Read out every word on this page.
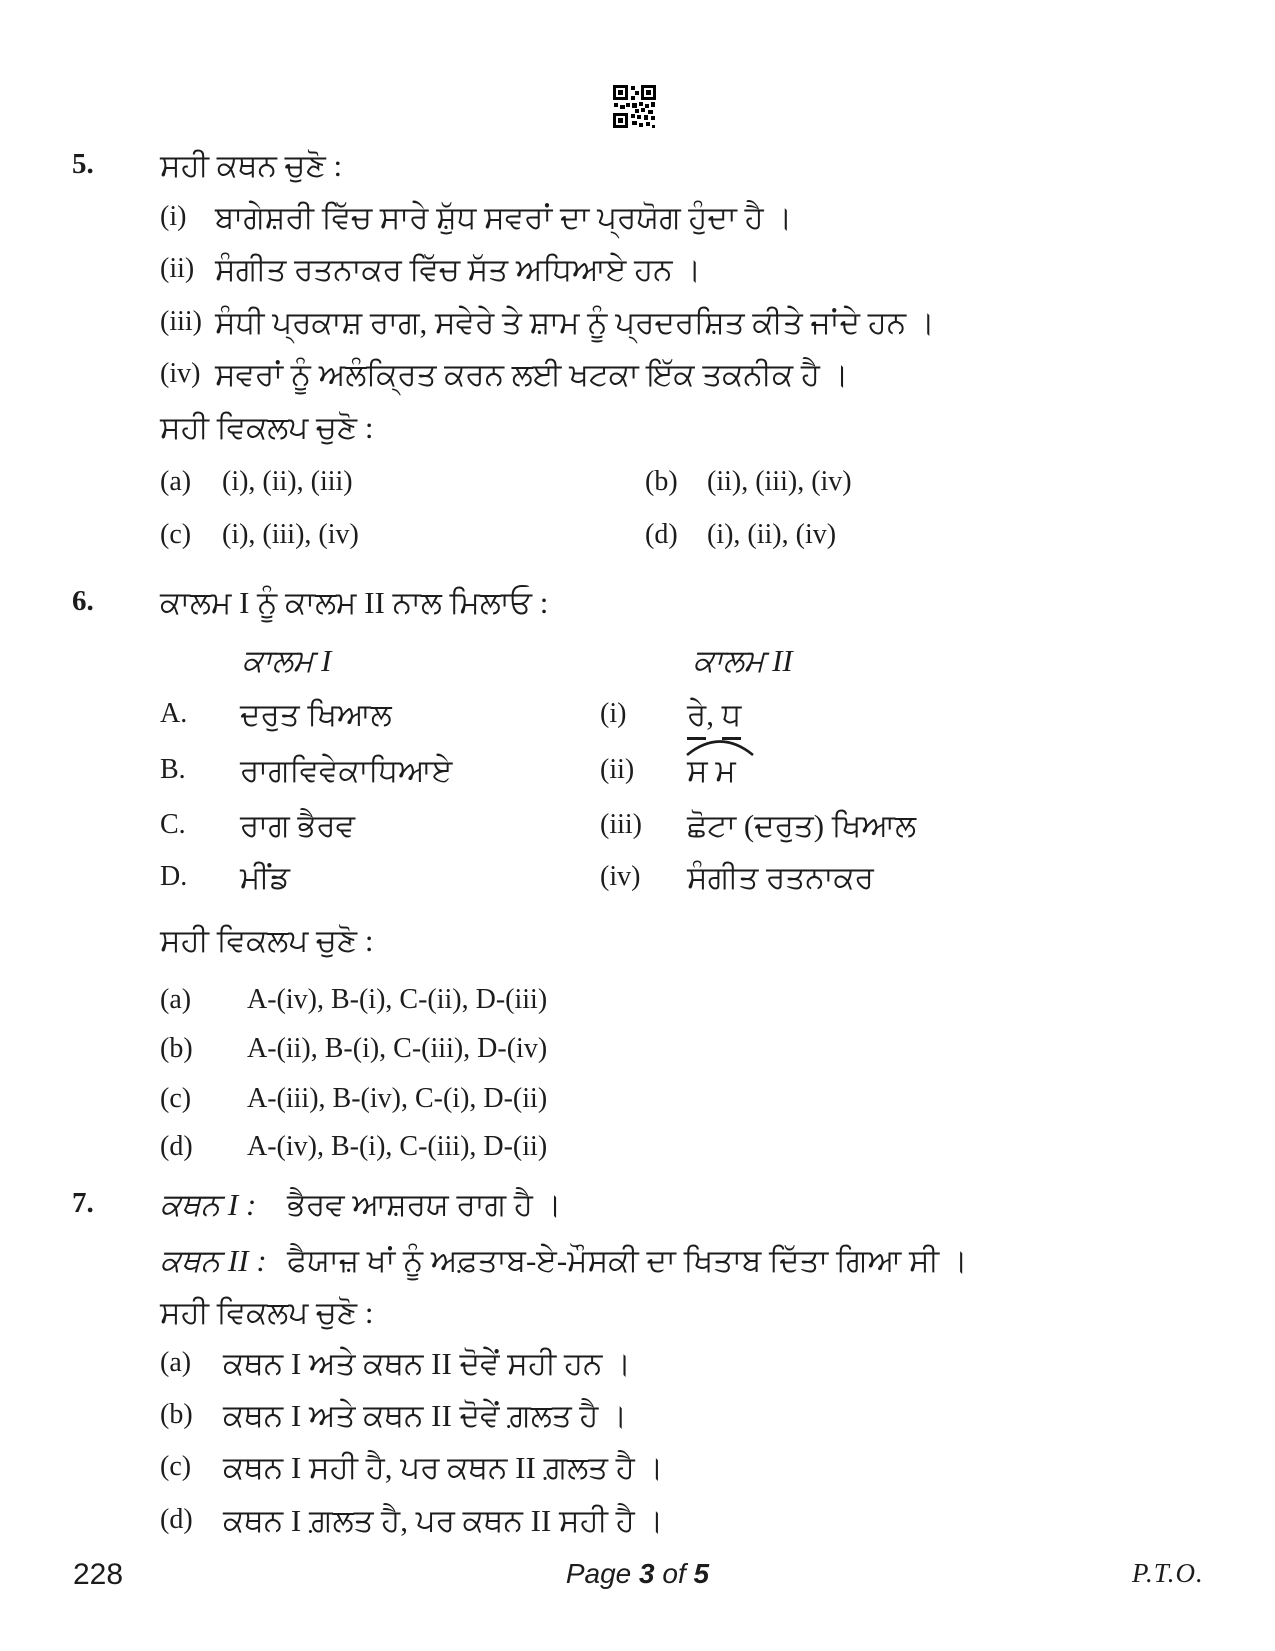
5. ਸਹੀ ਕਥਨ ਚੁਣੋ :
(i) ਬਾਗੇਸ਼ਰੀ ਵਿੱਚ ਸਾਰੇ ਸ਼ੁੱਧ ਸਵਰਾਂ ਦਾ ਪ੍ਰਯੋਗ ਹੁੰਦਾ ਹੈ ।
(ii) ਸੰਗੀਤ ਰਤਨਾਕਰ ਵਿੱਚ ਸੱਤ ਅਧਿਆਏ ਹਨ ।
(iii) ਸੰਧੀ ਪ੍ਰਕਾਸ਼ ਰਾਗ, ਸਵੇਰੇ ਤੇ ਸ਼ਾਮ ਨੂੰ ਪ੍ਰਦਰਸ਼ਿਤ ਕੀਤੇ ਜਾਂਦੇ ਹਨ ।
(iv) ਸਵਰਾਂ ਨੂੰ ਅਲੰਕ੍ਰਿਤ ਕਰਨ ਲਈ ਖਟਕਾ ਇੱਕ ਤਕਨੀਕ ਹੈ ।
ਸਹੀ ਵਿਕਲਪ ਚੁਣੋ :
(a) (i), (ii), (iii)	(b) (ii), (iii), (iv)
(c) (i), (iii), (iv)	(d) (i), (ii), (iv)
6. ਕਾਲਮ I ਨੂੰ ਕਾਲਮ II ਨਾਲ ਮਿਲਾਓ :
ਕਾਲਮ I	ਕਾਲਮ II
A. ਦਰੁਤ ਖਿਆਲ	(i) ਰੇ, ਧ
B. ਰਾਗਵਿਵੇਕਾਧਿਆਏ	(ii) ਸ ਮ
C. ਰਾਗ ਭੈਰਵ	(iii) ਛੋਟਾ (ਦਰੁਤ) ਖਿਆਲ
D. ਮੀਂਡ	(iv) ਸੰਗੀਤ ਰਤਨਾਕਰ
ਸਹੀ ਵਿਕਲਪ ਚੁਣੋ :
(a) A-(iv), B-(i), C-(ii), D-(iii)
(b) A-(ii), B-(i), C-(iii), D-(iv)
(c) A-(iii), B-(iv), C-(i), D-(ii)
(d) A-(iv), B-(i), C-(iii), D-(ii)
7. ਕਥਨ I : ਭੈਰਵ ਆਸ਼ਰਯ ਰਾਗ ਹੈ ।
ਕਥਨ II : ਫੈਯਾਜ਼ ਖਾਂ ਨੂੰ ਅਫ਼ਤਾਬ-ਏ-ਮੌਸਕੀ ਦਾ ਖਿਤਾਬ ਦਿੱਤਾ ਗਿਆ ਸੀ ।
ਸਹੀ ਵਿਕਲਪ ਚੁਣੋ :
(a) ਕਥਨ I ਅਤੇ ਕਥਨ II ਦੋਵੇਂ ਸਹੀ ਹਨ ।
(b) ਕਥਨ I ਅਤੇ ਕਥਨ II ਦੋਵੇਂ ਗ਼ਲਤ ਹੈ ।
(c) ਕਥਨ I ਸਹੀ ਹੈ, ਪਰ ਕਥਨ II ਗ਼ਲਤ ਹੈ ।
(d) ਕਥਨ I ਗ਼ਲਤ ਹੈ, ਪਰ ਕਥਨ II ਸਹੀ ਹੈ ।
228	Page 3 of 5	P.T.O.
